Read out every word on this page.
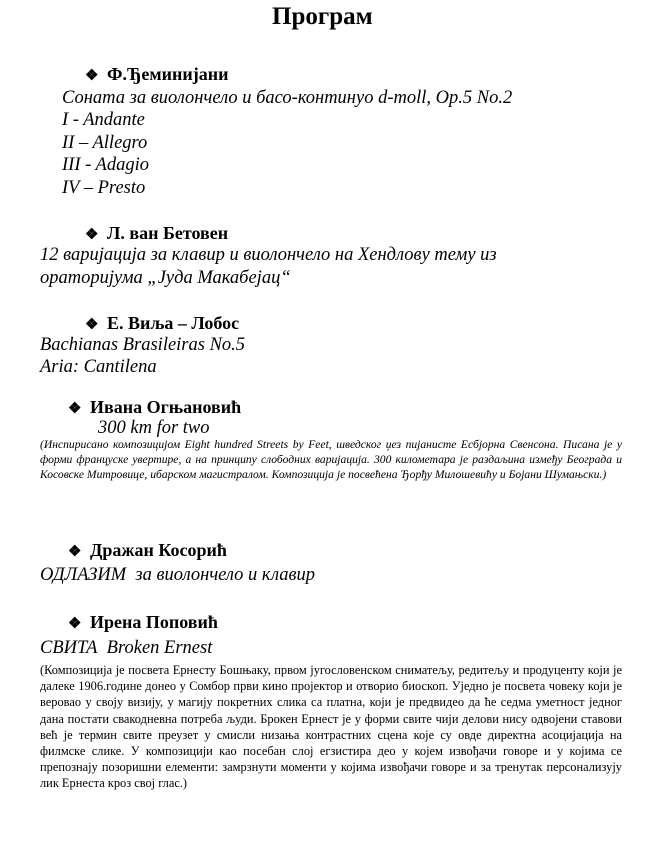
Програм
❖ Ф.Ђеминијани
Соната за виолончело и басо-континуо d-moll, Op.5 No.2
I - Andante
II – Allegro
III - Adagio
IV – Presto
❖ Л. ван Бетовен
12 варијација за клавир и виолончело на Хендлову тему из
ораторијума „Јуда Макабејац“
❖ Е. Виља – Лобос
Bachianas Brasileiras No.5
Aria: Cantilena
❖ Ивана Огњановић
300 km for two
(Инспирисано композицијом Eight hundred Streets by Feet, шведског џез пијанисте Есбјорна Свенсона. Писана је у форми француске увертире, а на принципу слободних варијација. 300 километара је раздаљина између Београда и Косовске Митровице, ибарском магистралом. Композиција је посвећена Ђорђу Милошевићу и Бојани Шумањски.)
❖ Дражан Косорић
ОДЛАЗИМ  за виолончело и клавир
❖ Ирена Поповић
СВИТА  Broken Ernest
(Композиција је посвета Ернесту Бошњаку, првом југословенском сниматељу, редитељу и продуценту који је далеке 1906.године донео у Сомбор први кино пројектор и отворио биоскоп. Уједно је посвета човеку који је веровао у своју визију, у магију покретних слика са платна, који је предвидео да ће седма уметност једног дана постати свакодневна потреба људи. Брокен Ернест је у форми свите чији делови нису одвојени ставови већ је термин свите преузет у смисли низања контрастних сцена које су овде директна асоцијација на филмске слике. У композицији као посебан слој егзистира део у којем извођачи говоре и у којима се препознају позоришни елементи: замрзнути моменти у којима извођачи говоре и за тренутак персонализују лик Ернеста кроз свој глас.)
